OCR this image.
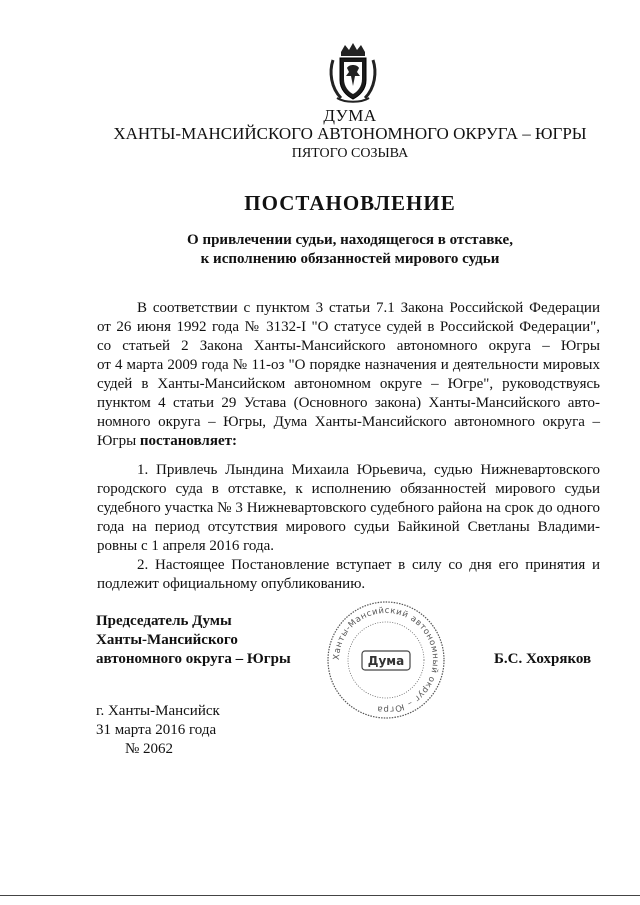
ДУМА
ХАНТЫ-МАНСИЙСКОГО АВТОНОМНОГО ОКРУГА – ЮГРЫ
ПЯТОГО СОЗЫВА
ПОСТАНОВЛЕНИЕ
О привлечении судьи, находящегося в отставке,
к исполнению обязанностей мирового судьи
В соответствии с пунктом 3 статьи 7.1 Закона Российской Федерации
от 26 июня 1992 года № 3132-I "О статусе судей в Российской Федерации",
со статьей 2 Закона Ханты-Мансийского автономного округа – Югры
от 4 марта 2009 года № 11-оз "О порядке назначения и деятельности мировых
судей в Ханты-Мансийском автономном округе – Югре", руководствуясь
пунктом 4 статьи 29 Устава (Основного закона) Ханты-Мансийского авто-
номного округа – Югры, Дума Ханты-Мансийского автономного округа –
Югры постановляет:
1. Привлечь Лындина Михаила Юрьевича, судью Нижневартовского
городского суда в отставке, к исполнению обязанностей мирового судьи
судебного участка № 3 Нижневартовского судебного района на срок до одного
года на период отсутствия мирового судьи Байкиной Светланы Владими-
ровны с 1 апреля 2016 года.
2. Настоящее Постановление вступает в силу со дня его принятия и
подлежит официальному опубликованию.
Председатель Думы
Ханты-Мансийского
автономного округа – Югры	Б.С. Хохряков
Ханты-Мансийский автономный округ – Югра
Дума
г. Ханты-Мансийск
31 марта 2016 года
№ 2062
